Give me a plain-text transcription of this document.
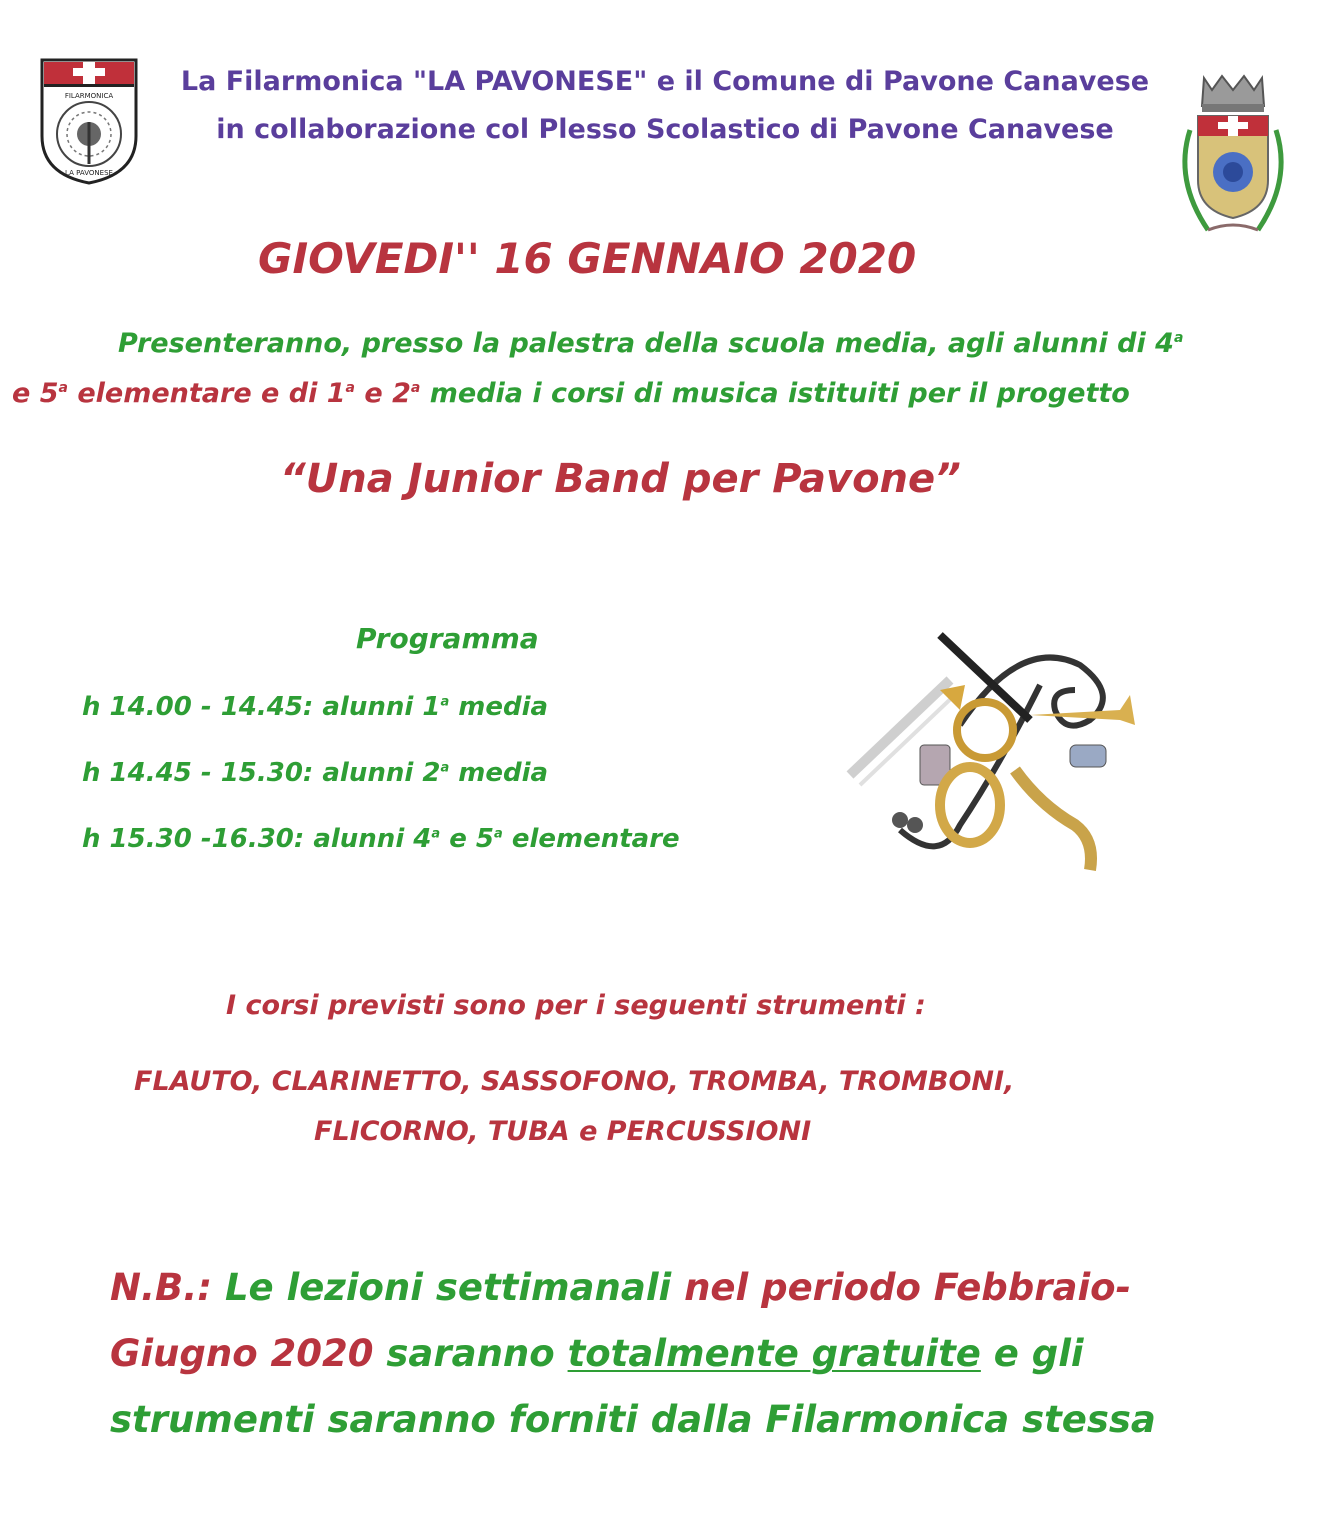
FILARMONICA
LA PAVONESE
La Filarmonica "LA PAVONESE" e il Comune di Pavone Canavese
in collaborazione col Plesso Scolastico di Pavone Canavese
GIOVEDI'' 16 GENNAIO 2020
Presenteranno, presso la palestra della scuola media, agli alunni di 4$^a$
e 5$^a$ elementare e di 1$^a$ e 2$^a$ media i corsi di musica istituiti per il progetto
“Una Junior Band per Pavone”
Programma
h 14.00 - 14.45: alunni 1$^a$ media
h 14.45 - 15.30: alunni 2$^a$ media
h 15.30 -16.30: alunni 4$^a$ e 5$^a$ elementare
I corsi previsti sono per i seguenti strumenti :
FLAUTO, CLARINETTO, SASSOFONO, TROMBA, TROMBONI,
FLICORNO, TUBA e PERCUSSIONI
N.B.: Le lezioni settimanali nel periodo Febbraio-
Giugno 2020 saranno totalmente gratuite e gli
strumenti saranno forniti dalla Filarmonica stessa
